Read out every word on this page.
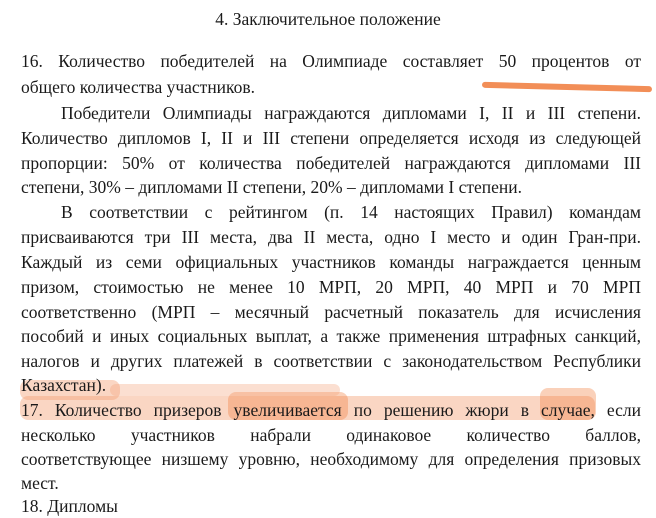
4. Заключительное положение
16. Количество победителей на Олимпиаде составляет 50 процентов от
общего количества участников.
Победители Олимпиады награждаются дипломами I, II и III степени.
Количество дипломов I, II и III степени определяется исходя из следующей
пропорции: 50% от количества победителей награждаются дипломами III
степени, 30% – дипломами II степени, 20% – дипломами I степени.
В соответствии с рейтингом (п. 14 настоящих Правил) командам
присваиваются три III места, два II места, одно I место и один Гран-при.
Каждый из семи официальных участников команды награждается ценным
призом, стоимостью не менее 10 МРП, 20 МРП, 40 МРП и 70 МРП
соответственно (МРП – месячный расчетный показатель для исчисления
пособий и иных социальных выплат, а также применения штрафных санкций,
налогов и других платежей в соответствии с законодательством Республики
Казахстан).
17. Количество призеров увеличивается по решению жюри в случае, если
несколько участников набрали одинаковое количество баллов,
соответствующее низшему уровню, необходимому для определения призовых
мест.
18. Дипломы
